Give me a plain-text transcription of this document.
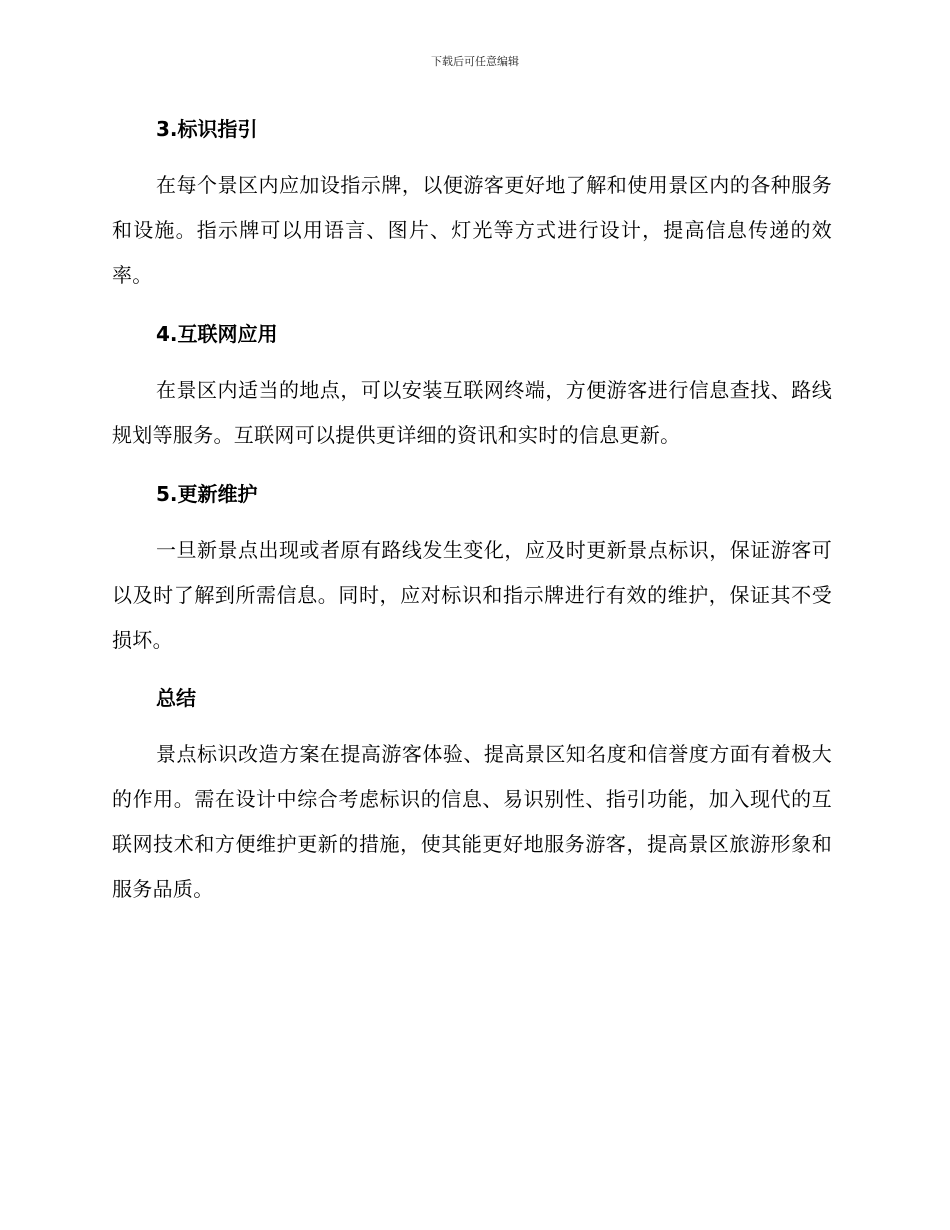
下载后可任意编辑
3.标识指引
在每个景区内应加设指示牌，以便游客更好地了解和使用景区内的各种服务和设施。指示牌可以用语言、图片、灯光等方式进行设计，提高信息传递的效率。
4.互联网应用
在景区内适当的地点，可以安装互联网终端，方便游客进行信息查找、路线规划等服务。互联网可以提供更详细的资讯和实时的信息更新。
5.更新维护
一旦新景点出现或者原有路线发生变化，应及时更新景点标识，保证游客可以及时了解到所需信息。同时，应对标识和指示牌进行有效的维护，保证其不受损坏。
总结
景点标识改造方案在提高游客体验、提高景区知名度和信誉度方面有着极大的作用。需在设计中综合考虑标识的信息、易识别性、指引功能，加入现代的互联网技术和方便维护更新的措施，使其能更好地服务游客，提高景区旅游形象和服务品质。
